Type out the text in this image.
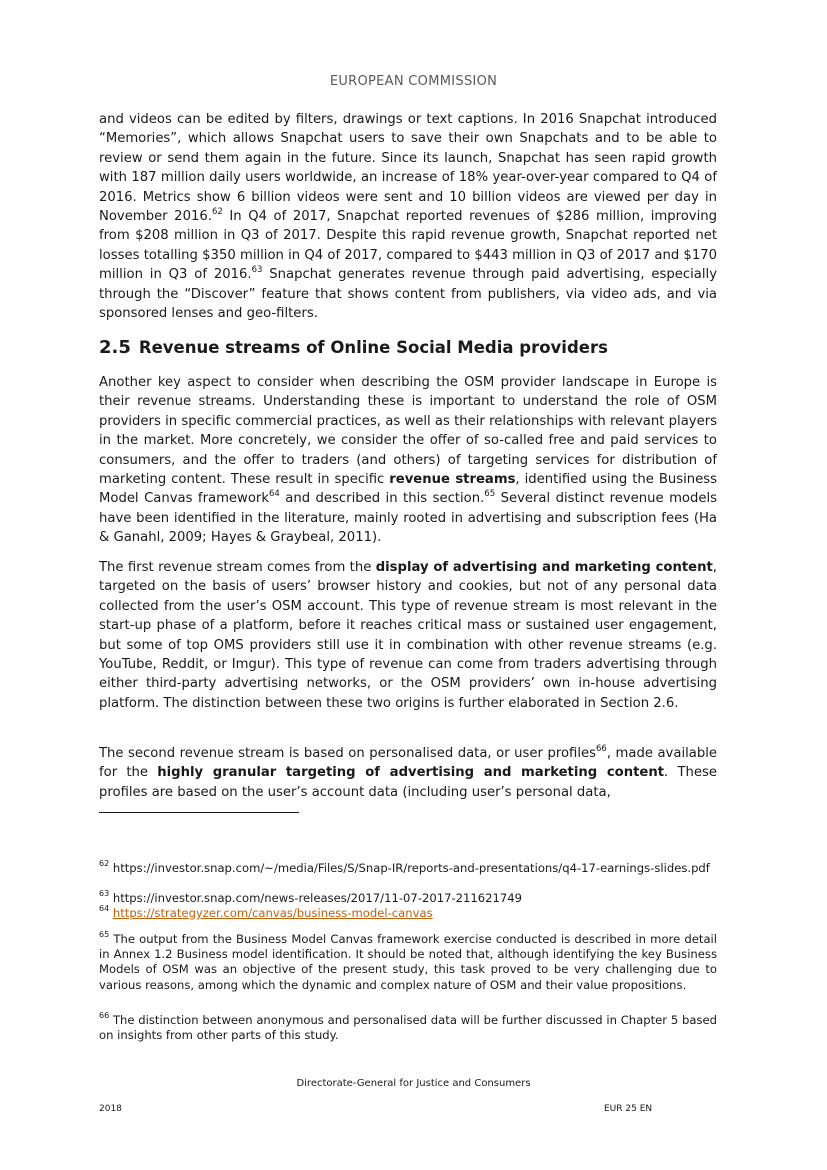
EUROPEAN COMMISSION

and videos can be edited by filters, drawings or text captions. In 2016 Snapchat introduced “Memories”, which allows Snapchat users to save their own Snapchats and to be able to review or send them again in the future. Since its launch, Snapchat has seen rapid growth with 187 million daily users worldwide, an increase of 18% year-over-year compared to Q4 of 2016. Metrics show 6 billion videos were sent and 10 billion videos are viewed per day in November 2016.62 In Q4 of 2017, Snapchat reported revenues of $286 million, improving from $208 million in Q3 of 2017. Despite this rapid revenue growth, Snapchat reported net losses totalling $350 million in Q4 of 2017, compared to $443 million in Q3 of 2017 and $170 million in Q3 of 2016.63 Snapchat generates revenue through paid advertising, especially through the “Discover” feature that shows content from publishers, via video ads, and via sponsored lenses and geo-filters.

2.5 Revenue streams of Online Social Media providers

Another key aspect to consider when describing the OSM provider landscape in Europe is their revenue streams. Understanding these is important to understand the role of OSM providers in specific commercial practices, as well as their relationships with relevant players in the market. More concretely, we consider the offer of so-called free and paid services to consumers, and the offer to traders (and others) of targeting services for distribution of marketing content. These result in specific revenue streams, identified using the Business Model Canvas framework$^{64}$ and described in this section.$^{65}$ Several distinct revenue models have been identified in the literature, mainly rooted in advertising and subscription fees (Ha & Ganahl, 2009; Hayes & Graybeal, 2011).

The first revenue stream comes from the display of advertising and marketing content, targeted on the basis of users’ browser history and cookies, but not of any personal data collected from the user’s OSM account. This type of revenue stream is most relevant in the start-up phase of a platform, before it reaches critical mass or sustained user engagement, but some of top OMS providers still use it in combination with other revenue streams (e.g. YouTube, Reddit, or Imgur). This type of revenue can come from traders advertising through either third-party advertising networks, or the OSM providers’ own in-house advertising platform. The distinction between these two origins is further elaborated in Section 2.6.

The second revenue stream is based on personalised data, or user profiles$^{66}$, made available for the highly granular targeting of advertising and marketing content. These profiles are based on the user’s account data (including user’s personal data,

$^{62}$ https://investor.snap.com/~/media/Files/S/Snap-IR/reports-and-presentations/q4-17-earnings-slides.pdf
$^{63}$ https://investor.snap.com/news-releases/2017/11-07-2017-211621749
$^{64}$ https://strategyzer.com/canvas/business-model-canvas
$^{65}$ The output from the Business Model Canvas framework exercise conducted is described in more detail in Annex 1.2 Business model identification. It should be noted that, although identifying the key Business Models of OSM was an objective of the present study, this task proved to be very challenging due to various reasons, among which the dynamic and complex nature of OSM and their value propositions.
$^{66}$ The distinction between anonymous and personalised data will be further discussed in Chapter 5 based on insights from other parts of this study.
Directorate-General for Justice and Consumers
2018	EUR 25 EN
